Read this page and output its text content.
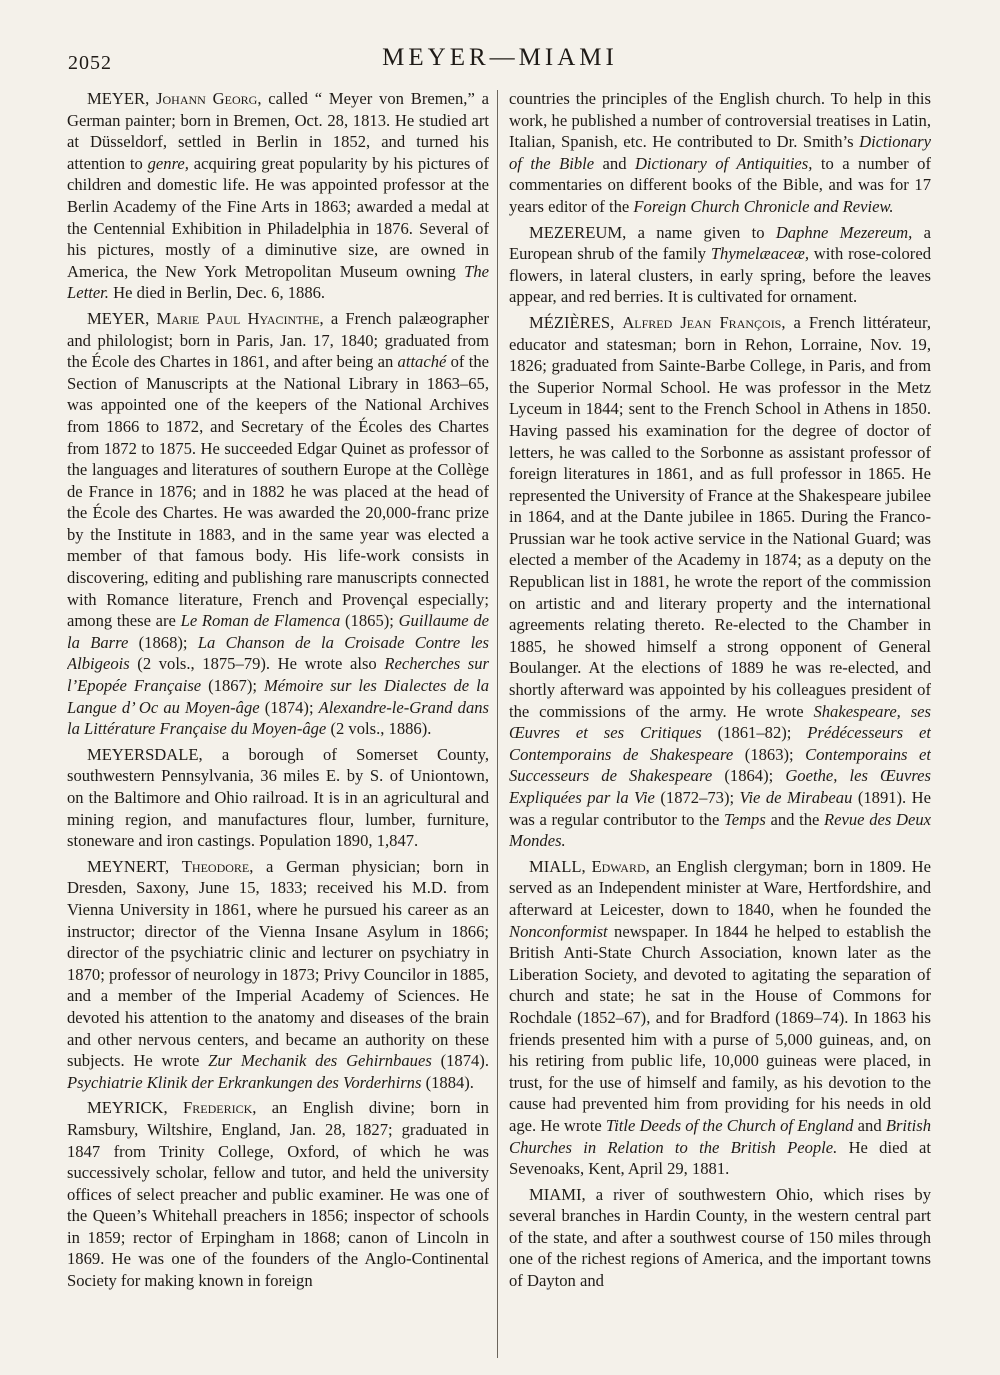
2052	MEYER—MIAMI

MEYER, Johann Georg, called “ Meyer von Bremen,” a German painter; born in Bremen, Oct. 28, 1813. He studied art at Düsseldorf, settled in Berlin in 1852, and turned his attention to genre, acquiring great popularity by his pictures of children and domestic life. He was appointed professor at the Berlin Academy of the Fine Arts in 1863; awarded a medal at the Centennial Exhibition in Philadelphia in 1876. Several of his pictures, mostly of a diminutive size, are owned in America, the New York Metropolitan Museum owning The Letter. He died in Berlin, Dec. 6, 1886.

MEYER, Marie Paul Hyacinthe, a French palæographer and philologist; born in Paris, Jan. 17, 1840; graduated from the École des Chartes in 1861, and after being an attaché of the Section of Manuscripts at the National Library in 1863–65, was appointed one of the keepers of the National Archives from 1866 to 1872, and Secretary of the Écoles des Chartes from 1872 to 1875. He succeeded Edgar Quinet as professor of the languages and literatures of southern Europe at the Collège de France in 1876; and in 1882 he was placed at the head of the École des Chartes. He was awarded the 20,000-franc prize by the Institute in 1883, and in the same year was elected a member of that famous body. His life-work consists in discovering, editing and publishing rare manuscripts connected with Romance literature, French and Provençal especially; among these are Le Roman de Flamenca (1865); Guillaume de la Barre (1868); La Chanson de la Croisade Contre les Albigeois (2 vols., 1875–79). He wrote also Recherches sur l’Epopée Française (1867); Mémoire sur les Dialectes de la Langue d’ Oc au Moyen-âge (1874); Alexandre-le-Grand dans la Littérature Française du Moyen-âge (2 vols., 1886).

MEYERSDALE, a borough of Somerset County, southwestern Pennsylvania, 36 miles E. by S. of Uniontown, on the Baltimore and Ohio railroad. It is in an agricultural and mining region, and manufactures flour, lumber, furniture, stoneware and iron castings. Population 1890, 1,847.

MEYNERT, Theodore, a German physician; born in Dresden, Saxony, June 15, 1833; received his M.D. from Vienna University in 1861, where he pursued his career as an instructor; director of the Vienna Insane Asylum in 1866; director of the psychiatric clinic and lecturer on psychiatry in 1870; professor of neurology in 1873; Privy Councilor in 1885, and a member of the Imperial Academy of Sciences. He devoted his attention to the anatomy and diseases of the brain and other nervous centers, and became an authority on these subjects. He wrote Zur Mechanik des Gehirnbaues (1874). Psychiatrie Klinik der Erkrankungen des Vorderhirns (1884).

MEYRICK, Frederick, an English divine; born in Ramsbury, Wiltshire, England, Jan. 28, 1827; graduated in 1847 from Trinity College, Oxford, of which he was successively scholar, fellow and tutor, and held the university offices of select preacher and public examiner. He was one of the Queen’s Whitehall preachers in 1856; inspector of schools in 1859; rector of Erpingham in 1868; canon of Lincoln in 1869. He was one of the founders of the Anglo-Continental Society for making known in foreign

countries the principles of the English church. To help in this work, he published a number of controversial treatises in Latin, Italian, Spanish, etc. He contributed to Dr. Smith’s Dictionary of the Bible and Dictionary of Antiquities, to a number of commentaries on different books of the Bible, and was for 17 years editor of the Foreign Church Chronicle and Review.

MEZEREUM, a name given to Daphne Mezereum, a European shrub of the family Thymelæaceæ, with rose-colored flowers, in lateral clusters, in early spring, before the leaves appear, and red berries. It is cultivated for ornament.

MÉZIÈRES, Alfred Jean François, a French littérateur, educator and statesman; born in Rehon, Lorraine, Nov. 19, 1826; graduated from Sainte-Barbe College, in Paris, and from the Superior Normal School. He was professor in the Metz Lyceum in 1844; sent to the French School in Athens in 1850. Having passed his examination for the degree of doctor of letters, he was called to the Sorbonne as assistant professor of foreign literatures in 1861, and as full professor in 1865. He represented the University of France at the Shakespeare jubilee in 1864, and at the Dante jubilee in 1865. During the Franco-Prussian war he took active service in the National Guard; was elected a member of the Academy in 1874; as a deputy on the Republican list in 1881, he wrote the report of the commission on artistic and and literary property and the international agreements relating thereto. Re-elected to the Chamber in 1885, he showed himself a strong opponent of General Boulanger. At the elections of 1889 he was re-elected, and shortly afterward was appointed by his colleagues president of the commissions of the army. He wrote Shakespeare, ses Œuvres et ses Critiques (1861–82); Prédécesseurs et Contemporains de Shakespeare (1863); Contemporains et Successeurs de Shakespeare (1864); Goethe, les Œuvres Expliquées par la Vie (1872–73); Vie de Mirabeau (1891). He was a regular contributor to the Temps and the Revue des Deux Mondes.

MIALL, Edward, an English clergyman; born in 1809. He served as an Independent minister at Ware, Hertfordshire, and afterward at Leicester, down to 1840, when he founded the Nonconformist newspaper. In 1844 he helped to establish the British Anti-State Church Association, known later as the Liberation Society, and devoted to agitating the separation of church and state; he sat in the House of Commons for Rochdale (1852–67), and for Bradford (1869–74). In 1863 his friends presented him with a purse of 5,000 guineas, and, on his retiring from public life, 10,000 guineas were placed, in trust, for the use of himself and family, as his devotion to the cause had prevented him from providing for his needs in old age. He wrote Title Deeds of the Church of England and British Churches in Relation to the British People. He died at Sevenoaks, Kent, April 29, 1881.

MIAMI, a river of southwestern Ohio, which rises by several branches in Hardin County, in the western central part of the state, and after a southwest course of 150 miles through one of the richest regions of America, and the important towns of Dayton and
